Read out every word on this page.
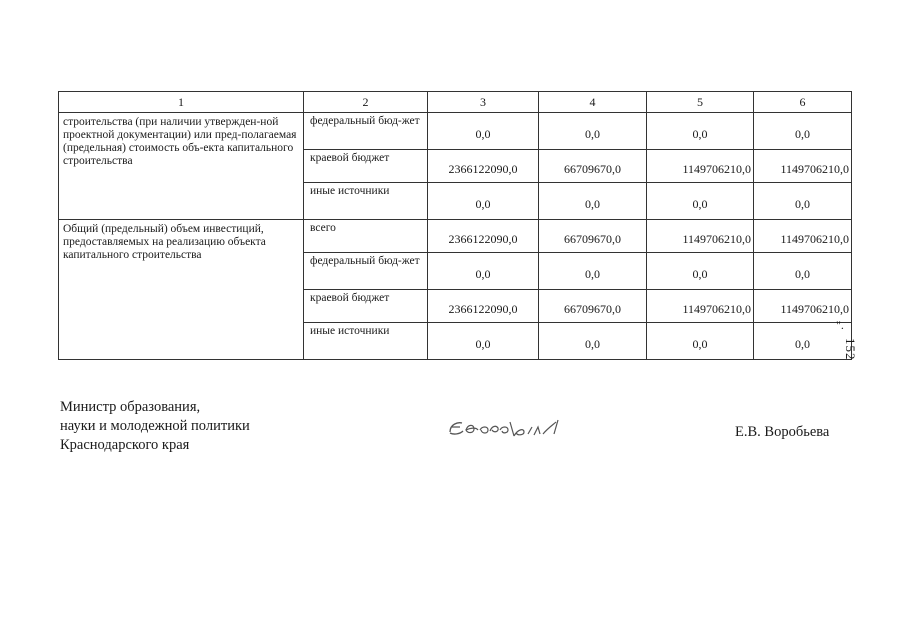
1	2	3	4	5	6
строительства (при наличии утвержден-ной проектной документации) или пред-полагаемая (предельная) стоимость объ-екта капитального строительства	федеральный бюд-жет	0,0	0,0	0,0	0,0
	краевой бюджет	2366122090,0	66709670,0	1149706210,0	1149706210,0
	иные источники	0,0	0,0	0,0	0,0
Общий (предельный) объем инвестиций, предоставляемых на реализацию объекта капитального строительства	всего	2366122090,0	66709670,0	1149706210,0	1149706210,0
	федеральный бюд-жет	0,0	0,0	0,0	0,0
	краевой бюджет	2366122090,0	66709670,0	1149706210,0	1149706210,0
	иные источники	0,0	0,0	0,0	0,0
".
152
Министр образования,
науки и молодежной политики
Краснодарского края
Е.В. Воробьева
